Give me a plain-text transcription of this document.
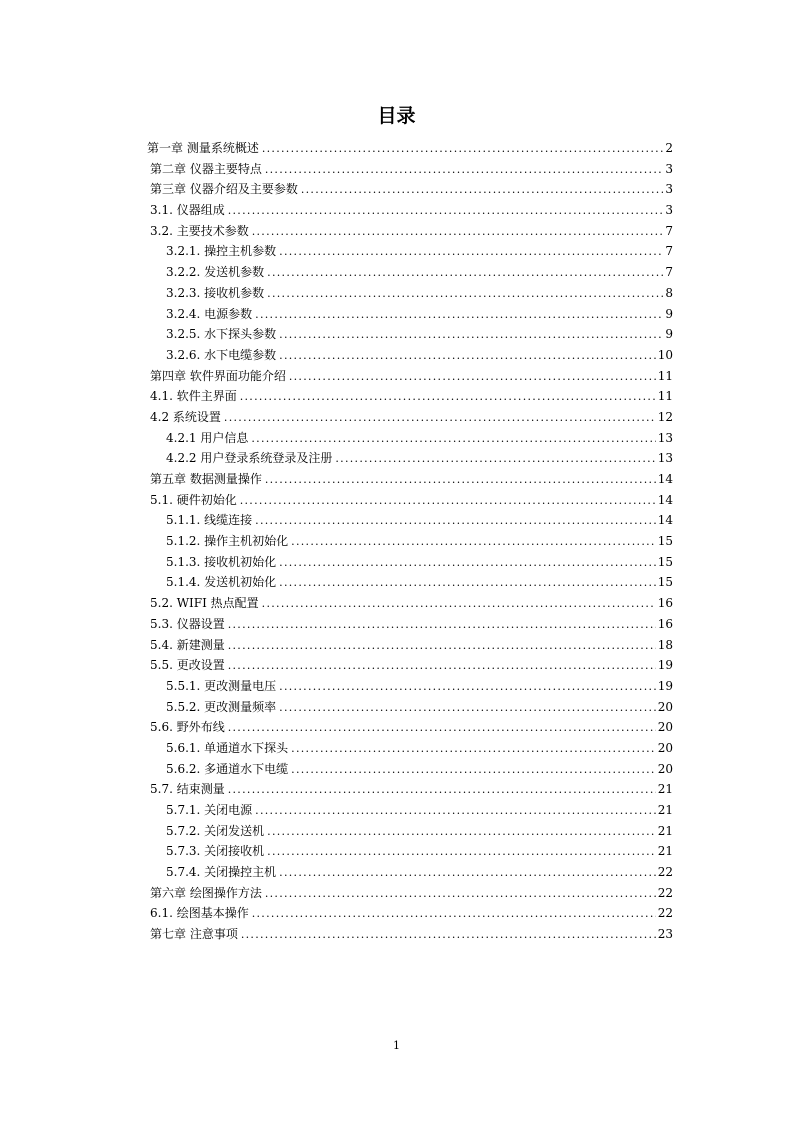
目录
第一章 测量系统概述 .....	2
第二章 仪器主要特点 .....	3
第三章 仪器介绍及主要参数 .....	3
3.1. 仪器组成 .....	3
3.2. 主要技术参数 .....	7
3.2.1. 操控主机参数 .....	7
3.2.2. 发送机参数 .....	7
3.2.3. 接收机参数 .....	8
3.2.4. 电源参数 .....	9
3.2.5. 水下探头参数 .....	9
3.2.6. 水下电缆参数 .....	10
第四章 软件界面功能介绍 .....	11
4.1. 软件主界面 .....	11
4.2 系统设置 .....	12
4.2.1 用户信息 .....	13
4.2.2 用户登录系统登录及注册 .....	13
第五章 数据测量操作 .....	14
5.1. 硬件初始化 .....	14
5.1.1. 线缆连接 .....	14
5.1.2. 操作主机初始化 .....	15
5.1.3. 接收机初始化 .....	15
5.1.4. 发送机初始化 .....	15
5.2. WIFI 热点配置 .....	16
5.3. 仪器设置 .....	16
5.4. 新建测量 .....	18
5.5. 更改设置 .....	19
5.5.1. 更改测量电压 .....	19
5.5.2. 更改测量频率 .....	20
5.6. 野外布线 .....	20
5.6.1. 单通道水下探头 .....	20
5.6.2. 多通道水下电缆 .....	20
5.7. 结束测量 .....	21
5.7.1. 关闭电源 .....	21
5.7.2. 关闭发送机 .....	21
5.7.3. 关闭接收机 .....	21
5.7.4. 关闭操控主机 .....	22
第六章 绘图操作方法 .....	22
6.1. 绘图基本操作 .....	22
第七章 注意事项 .....	23
1
